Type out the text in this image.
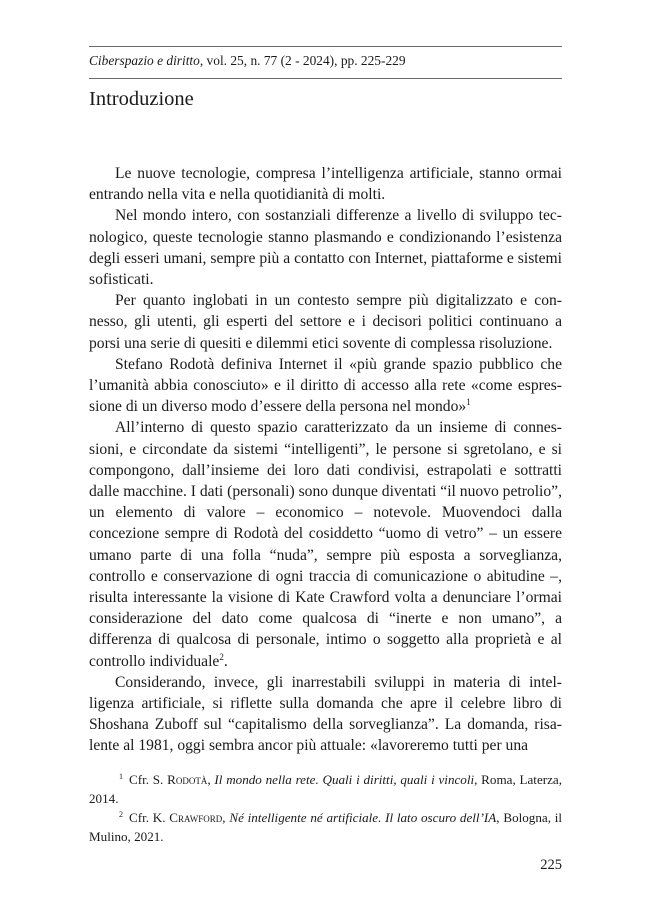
Ciberspazio e diritto, vol. 25, n. 77 (2 - 2024), pp. 225-229
Introduzione

Le nuove tecnologie, compresa l’intelligenza artificiale, stanno ormai entrando nella vita e nella quotidianità di molti.

Nel mondo intero, con sostanziali differenze a livello di sviluppo tecnologico, queste tecnologie stanno plasmando e condizionando l’esistenza degli esseri umani, sempre più a contatto con Internet, piattaforme e sistemi sofisticati.

Per quanto inglobati in un contesto sempre più digitalizzato e connesso, gli utenti, gli esperti del settore e i decisori politici continuano a porsi una serie di quesiti e dilemmi etici sovente di complessa risoluzione.

Stefano Rodotà definiva Internet il «più grande spazio pubblico che l’umanità abbia conosciuto» e il diritto di accesso alla rete «come espressione di un diverso modo d’essere della persona nel mondo»$^1$

All’interno di questo spazio caratterizzato da un insieme di connessioni, e circondate da sistemi “intelligenti”, le persone si sgretolano, e si compongono, dall’insieme dei loro dati condivisi, estrapolati e sottratti dalle macchine. I dati (personali) sono dunque diventati “il nuovo petrolio”, un elemento di valore – economico – notevole. Muovendoci dalla concezione sempre di Rodotà del cosiddetto “uomo di vetro” – un essere umano parte di una folla “nuda”, sempre più esposta a sorveglianza, controllo e conservazione di ogni traccia di comunicazione o abitudine –, risulta interessante la visione di Kate Crawford volta a denunciare l’ormai considerazione del dato come qualcosa di “inerte e non umano”, a differenza di qualcosa di personale, intimo o soggetto alla proprietà e al controllo individuale$^2$.

Considerando, invece, gli inarrestabili sviluppi in materia di intelligenza artificiale, si riflette sulla domanda che apre il celebre libro di Shoshana Zuboff sul “capitalismo della sorveglianza”. La domanda, risalente al 1981, oggi sembra ancor più attuale: «lavoreremo tutti per una

$^1$ Cfr. S. Rodotà, Il mondo nella rete. Quali i diritti, quali i vincoli, Roma, Laterza, 2014.

$^2$ Cfr. K. Crawford, Né intelligente né artificiale. Il lato oscuro dell’IA, Bologna, il Mulino, 2021.

225
